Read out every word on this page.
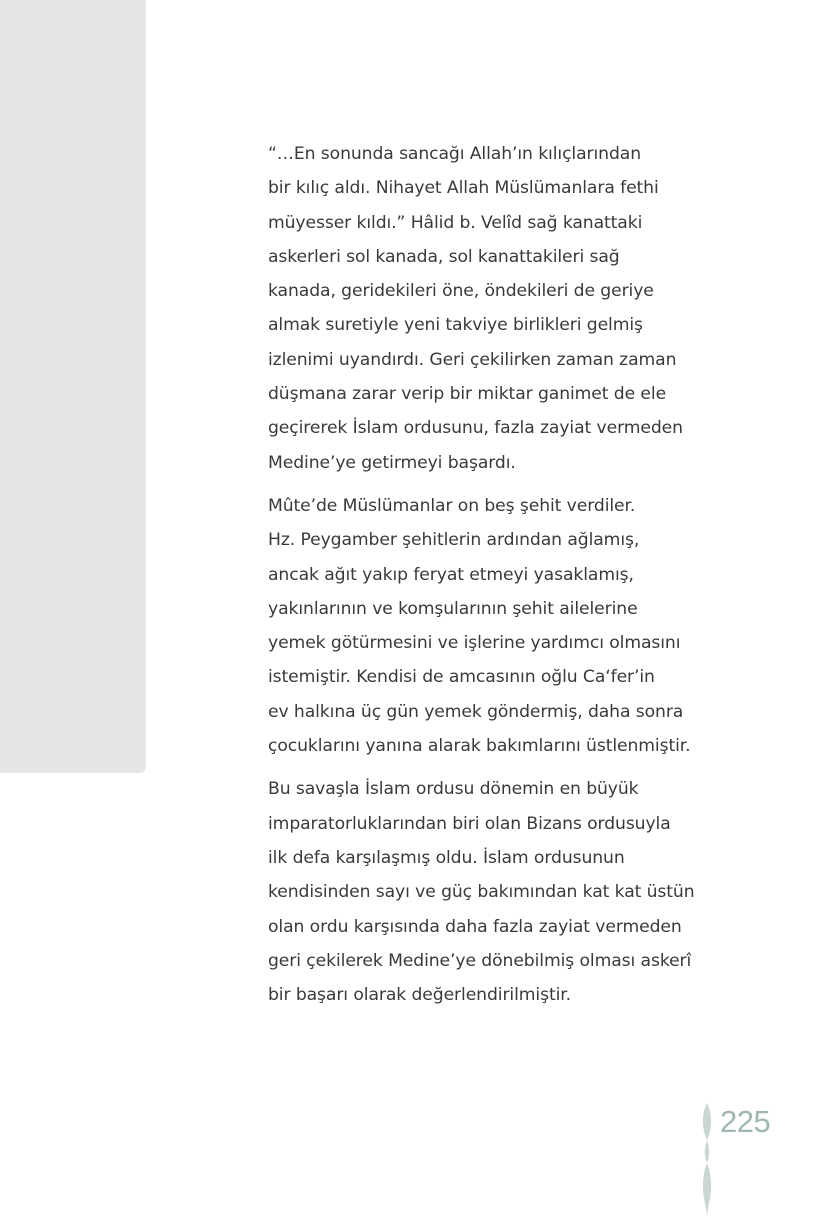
“…En sonunda sancağı Allah’ın kılıçlarından
bir kılıç aldı. Nihayet Allah Müslümanlara fethi
müyesser kıldı.” Hâlid b. Velîd sağ kanattaki
askerleri sol kanada, sol kanattakileri sağ
kanada, geridekileri öne, öndekileri de geriye
almak suretiyle yeni takviye birlikleri gelmiş
izlenimi uyandırdı. Geri çekilirken zaman zaman
düşmana zarar verip bir miktar ganimet de ele
geçirerek İslam ordusunu, fazla zayiat vermeden
Medine’ye getirmeyi başardı.

Mûte’de Müslümanlar on beş şehit verdiler.
Hz. Peygamber şehitlerin ardından ağlamış,
ancak ağıt yakıp feryat etmeyi yasaklamış,
yakınlarının ve komşularının şehit ailelerine
yemek götürmesini ve işlerine yardımcı olmasını
istemiştir. Kendisi de amcasının oğlu Ca‘fer’in
ev halkına üç gün yemek göndermiş, daha sonra
çocuklarını yanına alarak bakımlarını üstlenmiştir.

Bu savaşla İslam ordusu dönemin en büyük
imparatorluklarından biri olan Bizans ordusuyla
ilk defa karşılaşmış oldu. İslam ordusunun
kendisinden sayı ve güç bakımından kat kat üstün
olan ordu karşısında daha fazla zayiat vermeden
geri çekilerek Medine’ye dönebilmiş olması askerî
bir başarı olarak değerlendirilmiştir.

225
